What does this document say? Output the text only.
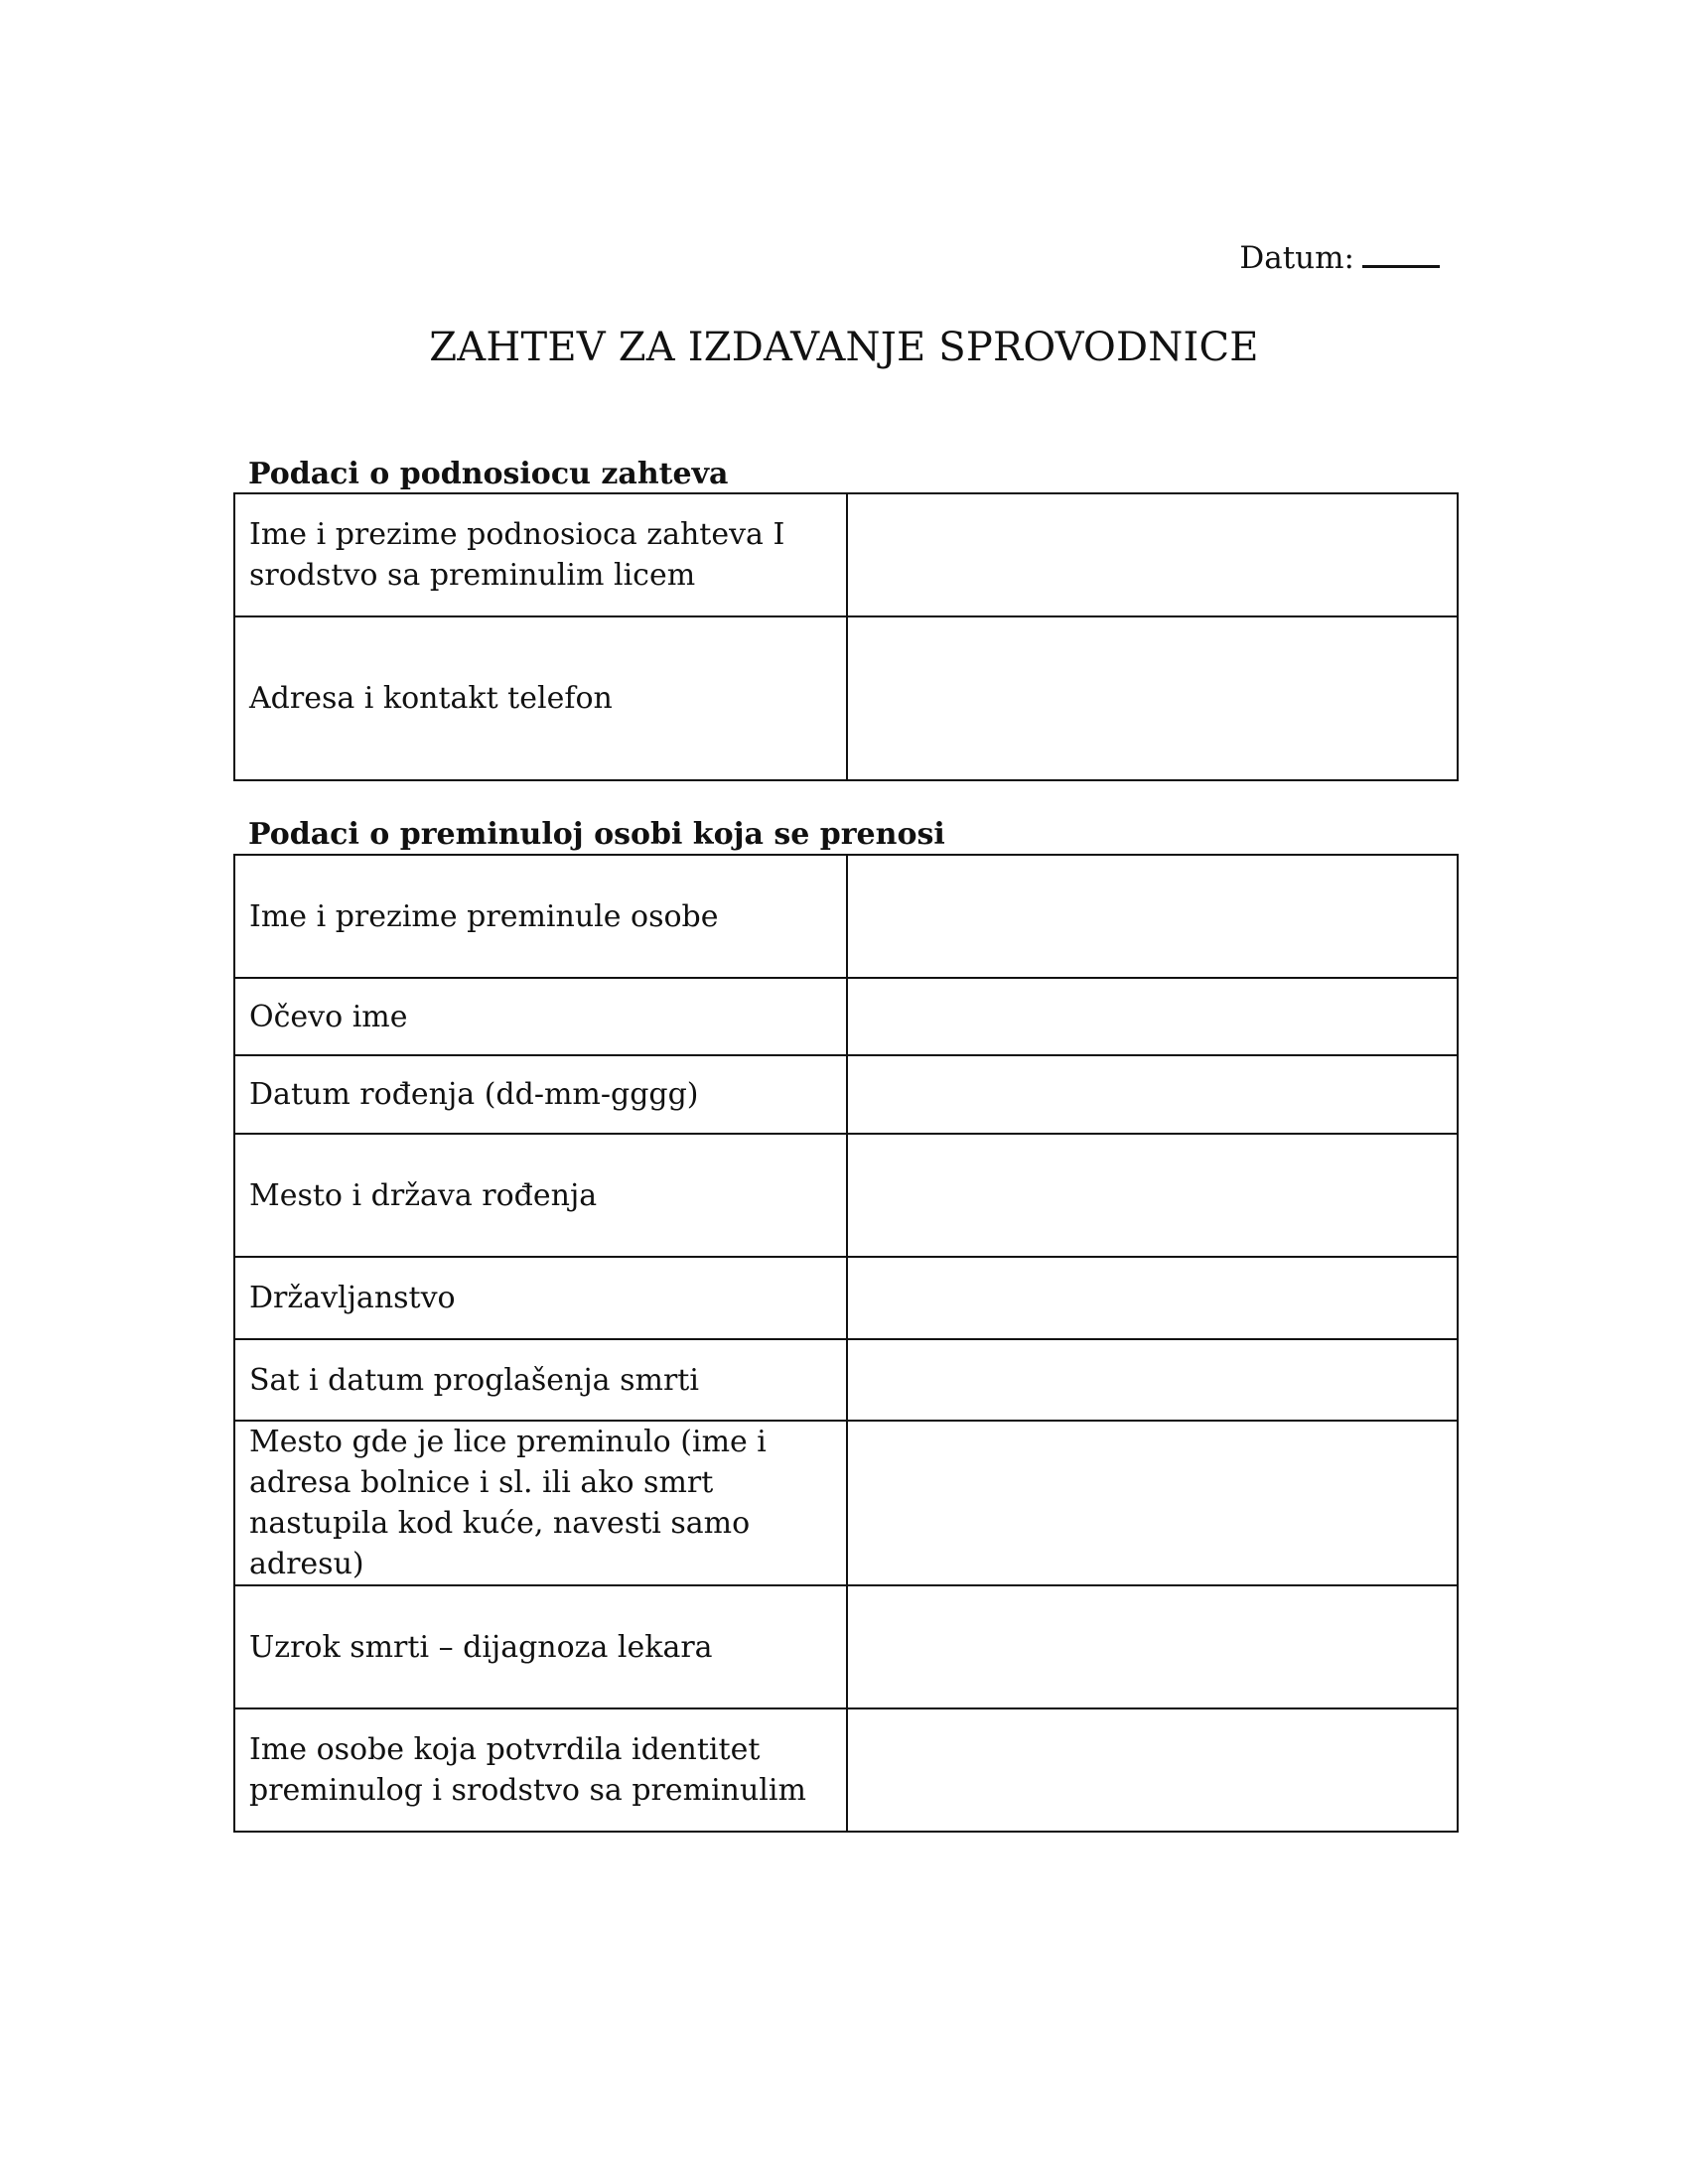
Datum:
ZAHTEV ZA IZDAVANJE SPROVODNICE
Podaci o podnosiocu zahteva
Ime i prezime podnosioca zahteva I srodstvo sa preminulim licem	
Adresa i kontakt telefon	
Podaci o preminuloj osobi koja se prenosi
Ime i prezime preminule osobe	
Očevo ime	
Datum rođenja (dd-mm-gggg)	
Mesto i država rođenja	
Državljanstvo	
Sat i datum proglašenja smrti	
Mesto gde je lice preminulo (ime i adresa bolnice i sl. ili ako smrt nastupila kod kuće, navesti samo adresu)	
Uzrok smrti – dijagnoza lekara	
Ime osobe koja potvrdila identitet preminulog i srodstvo sa preminulim	
